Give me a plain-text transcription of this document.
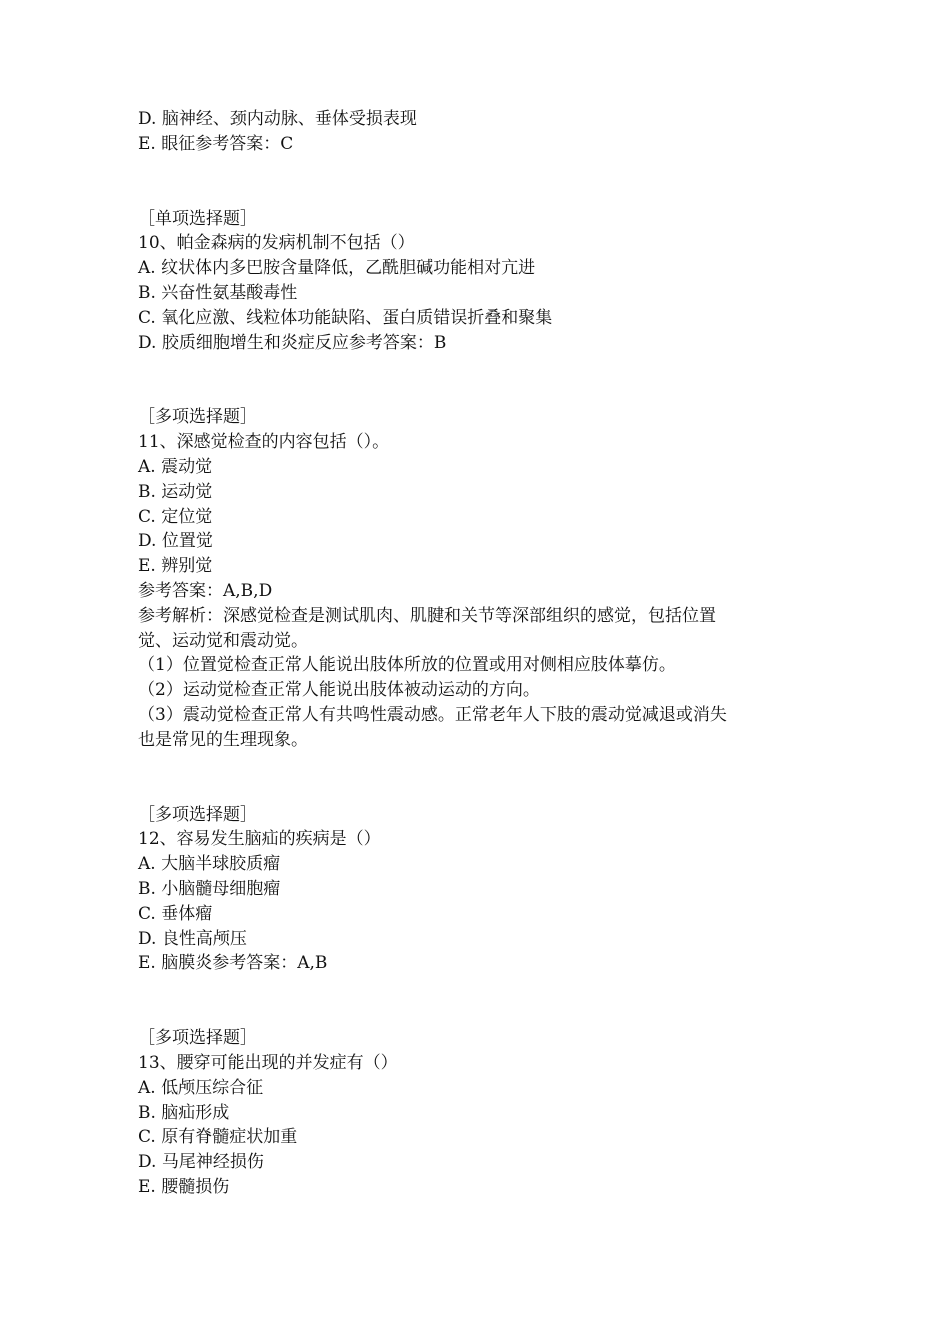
D. 脑神经、颈内动脉、垂体受损表现

E. 眼征参考答案：C

［单项选择题］

10、帕金森病的发病机制不包括（）

A. 纹状体内多巴胺含量降低，乙酰胆碱功能相对亢进

B. 兴奋性氨基酸毒性

C. 氧化应激、线粒体功能缺陷、蛋白质错误折叠和聚集

D. 胶质细胞增生和炎症反应参考答案：B

［多项选择题］

11、深感觉检查的内容包括（）。

A. 震动觉

B. 运动觉

C. 定位觉

D. 位置觉

E. 辨别觉

参考答案：A,B,D

参考解析：深感觉检查是测试肌肉、肌腱和关节等深部组织的感觉，包括位置

觉、运动觉和震动觉。

（1）位置觉检查正常人能说出肢体所放的位置或用对侧相应肢体摹仿。

（2）运动觉检查正常人能说出肢体被动运动的方向。

（3）震动觉检查正常人有共鸣性震动感。正常老年人下肢的震动觉减退或消失

也是常见的生理现象。

［多项选择题］

12、容易发生脑疝的疾病是（）

A. 大脑半球胶质瘤

B. 小脑髓母细胞瘤

C. 垂体瘤

D. 良性高颅压

E. 脑膜炎参考答案：A,B

［多项选择题］

13、腰穿可能出现的并发症有（）

A. 低颅压综合征

B. 脑疝形成

C. 原有脊髓症状加重

D. 马尾神经损伤

E. 腰髓损伤
